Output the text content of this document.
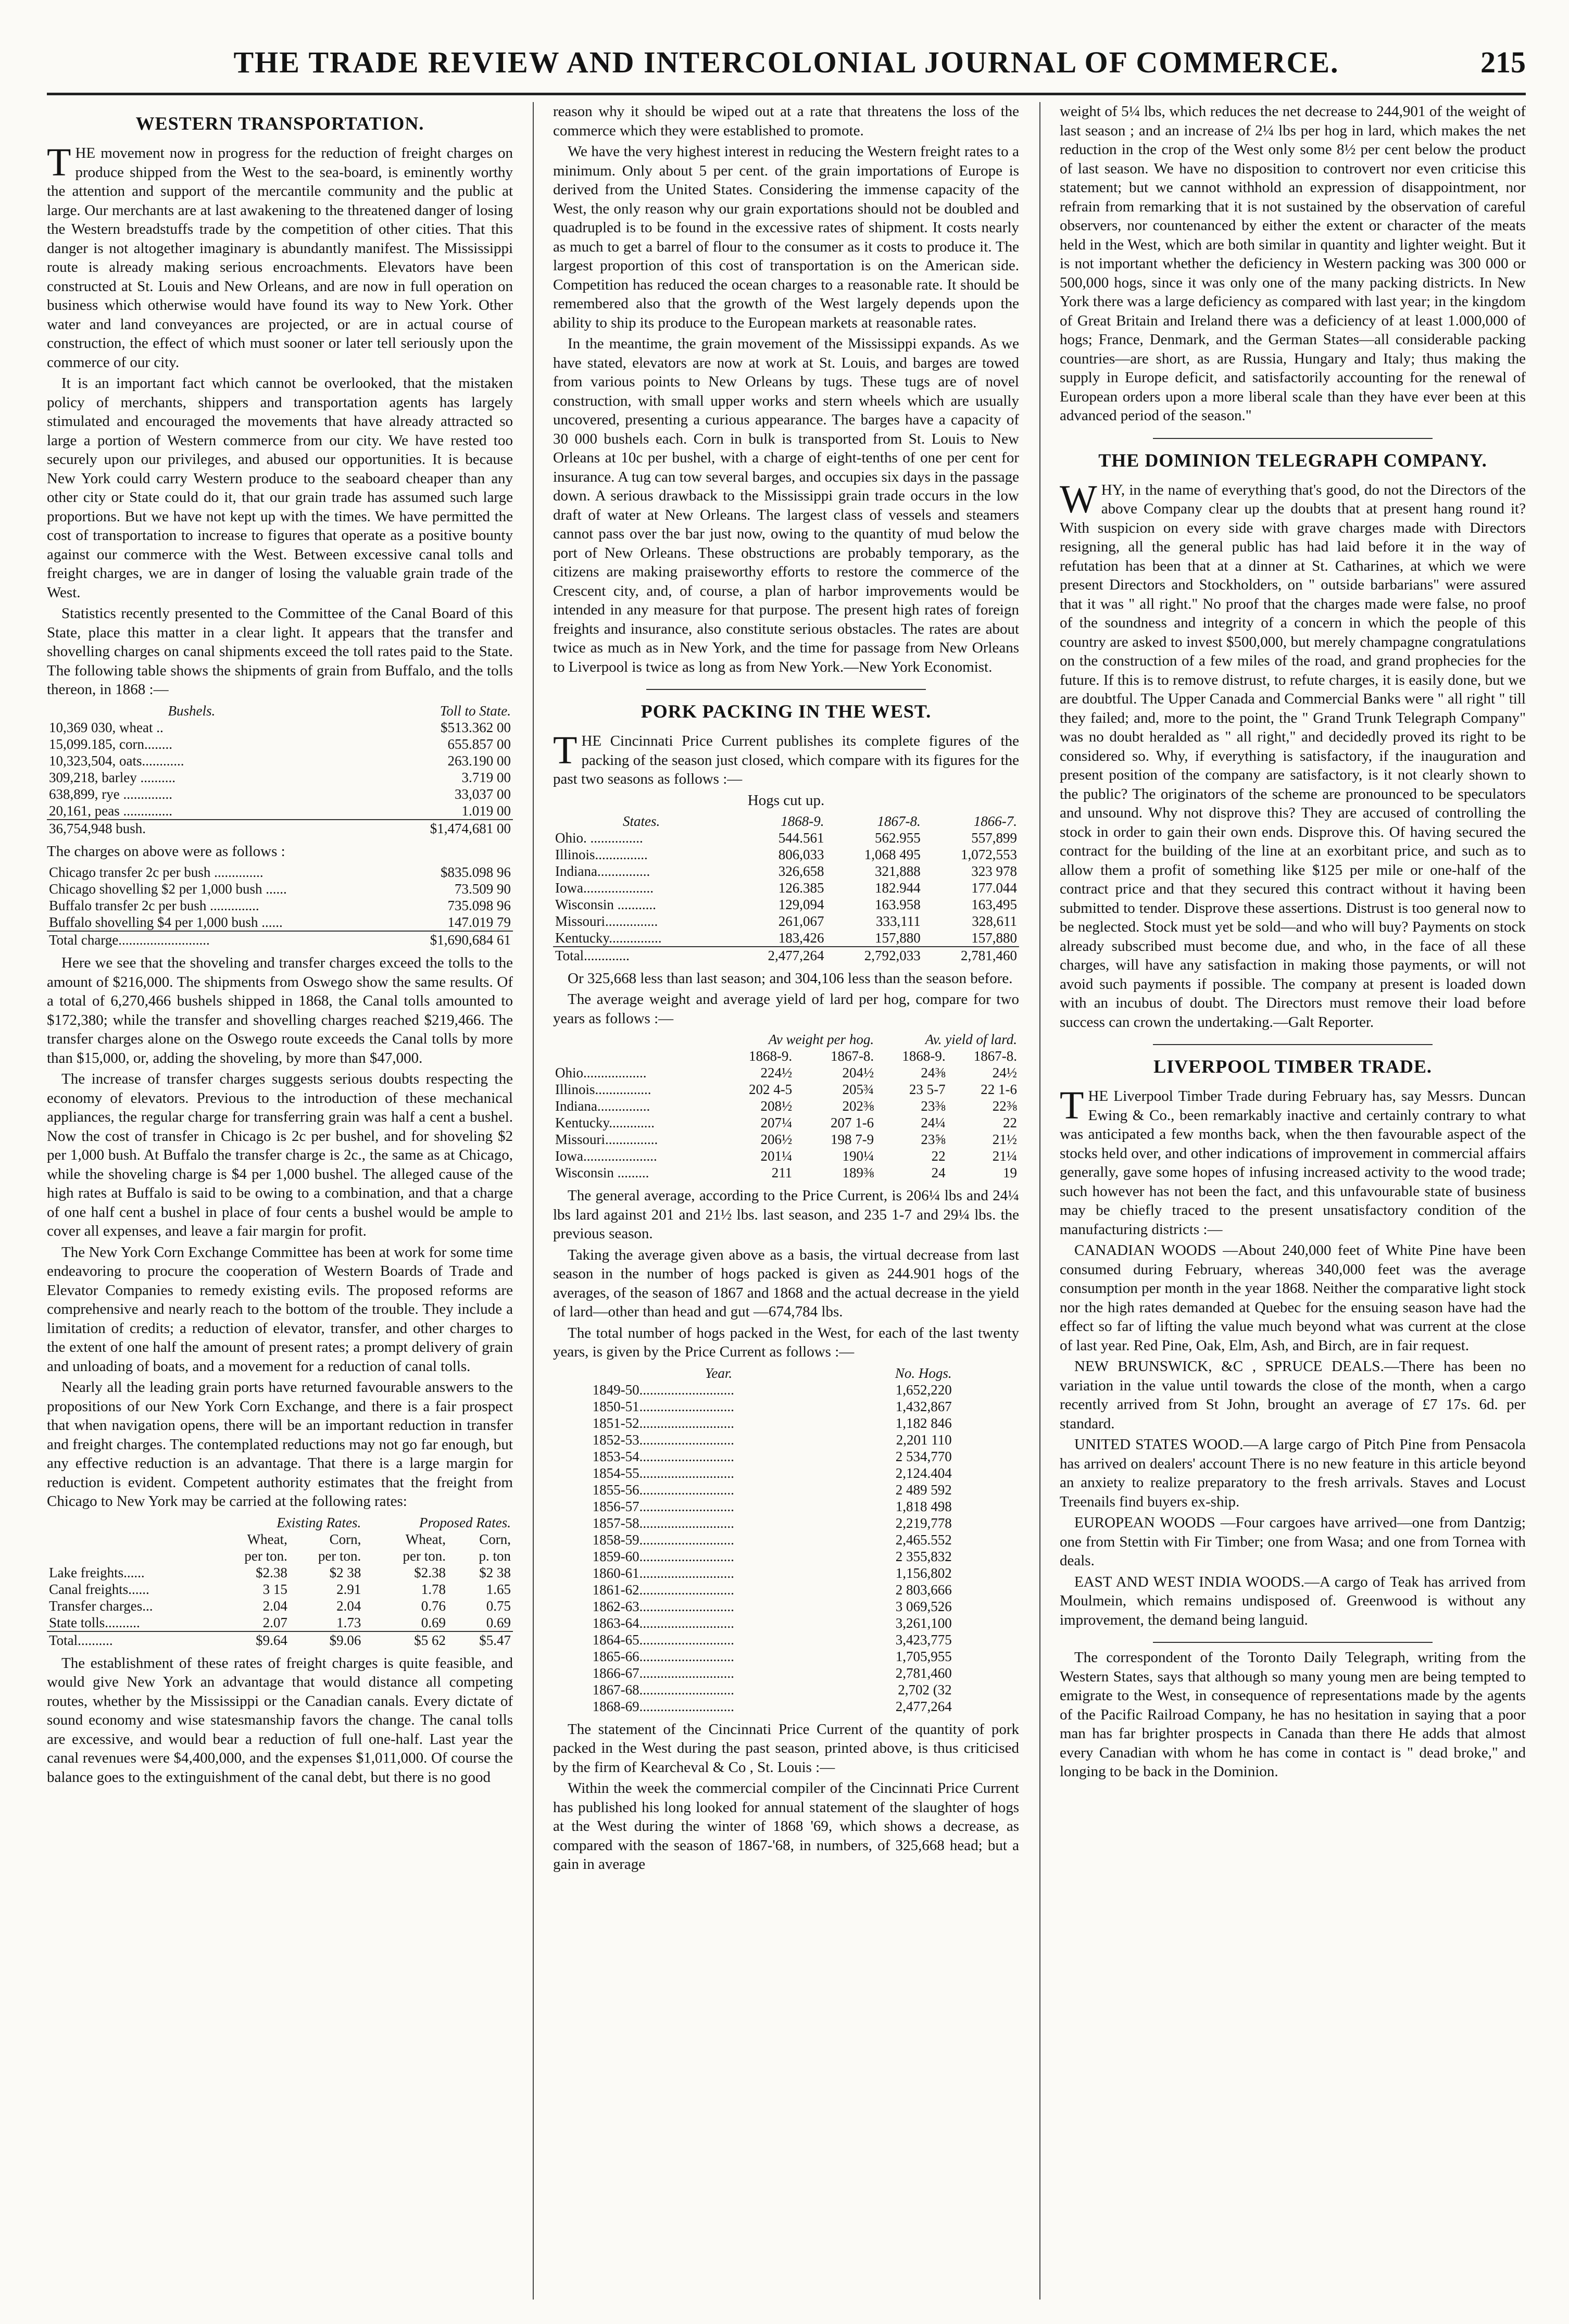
THE TRADE REVIEW AND INTERCOLONIAL JOURNAL OF COMMERCE.	215
WESTERN TRANSPORTATION.

THE movement now in progress for the reduction of freight charges on produce shipped from the West to the sea-board, is eminently worthy the attention and support of the mercantile community and the public at large. Our merchants are at last awakening to the threatened danger of losing the Western breadstuffs trade by the competition of other cities. That this danger is not altogether imaginary is abundantly manifest. The Mississippi route is already making serious encroachments. Elevators have been constructed at St. Louis and New Orleans, and are now in full operation on business which otherwise would have found its way to New York. Other water and land conveyances are projected, or are in actual course of construction, the effect of which must sooner or later tell seriously upon the commerce of our city.

It is an important fact which cannot be overlooked, that the mistaken policy of merchants, shippers and transportation agents has largely stimulated and encouraged the movements that have already attracted so large a portion of Western commerce from our city. We have rested too securely upon our privileges, and abused our opportunities. It is because New York could carry Western produce to the seaboard cheaper than any other city or State could do it, that our grain trade has assumed such large proportions. But we have not kept up with the times. We have permitted the cost of transportation to increase to figures that operate as a positive bounty against our commerce with the West. Between excessive canal tolls and freight charges, we are in danger of losing the valuable grain trade of the West.

Statistics recently presented to the Committee of the Canal Board of this State, place this matter in a clear light. It appears that the transfer and shovelling charges on canal shipments exceed the toll rates paid to the State. The following table shows the shipments of grain from Buffalo, and the tolls thereon, in 1868 :—

Bushels.	Toll to State.
10,369 030, wheat ..	$513.362 00
15,099.185, corn........	655.857 00
10,323,504, oats............	263.190 00
309,218, barley ..........	3.719 00
638,899, rye ..............	33,037 00
20,161, peas ..............	1.019 00
36,754,948 bush.	$1,474,681 00

The charges on above were as follows :

Chicago transfer 2c per bush ..............	$835.098 96
Chicago shovelling $2 per 1,000 bush ......	73.509 90
Buffalo transfer 2c per bush ..............	735.098 96
Buffalo shovelling $4 per 1,000 bush ......	147.019 79
Total charge..........................	$1,690,684 61

Here we see that the shoveling and transfer charges exceed the tolls to the amount of $216,000. The shipments from Oswego show the same results. Of a total of 6,270,466 bushels shipped in 1868, the Canal tolls amounted to $172,380; while the transfer and shovelling charges reached $219,466. The transfer charges alone on the Oswego route exceeds the Canal tolls by more than $15,000, or, adding the shoveling, by more than $47,000.

The increase of transfer charges suggests serious doubts respecting the economy of elevators. Previous to the introduction of these mechanical appliances, the regular charge for transferring grain was half a cent a bushel. Now the cost of transfer in Chicago is 2c per bushel, and for shoveling $2 per 1,000 bush. At Buffalo the transfer charge is 2c., the same as at Chicago, while the shoveling charge is $4 per 1,000 bushel. The alleged cause of the high rates at Buffalo is said to be owing to a combination, and that a charge of one half cent a bushel in place of four cents a bushel would be ample to cover all expenses, and leave a fair margin for profit.

The New York Corn Exchange Committee has been at work for some time endeavoring to procure the cooperation of Western Boards of Trade and Elevator Companies to remedy existing evils. The proposed reforms are comprehensive and nearly reach to the bottom of the trouble. They include a limitation of credits; a reduction of elevator, transfer, and other charges to the extent of one half the amount of present rates; a prompt delivery of grain and unloading of boats, and a movement for a reduction of canal tolls.

Nearly all the leading grain ports have returned favourable answers to the propositions of our New York Corn Exchange, and there is a fair prospect that when navigation opens, there will be an important reduction in transfer and freight charges. The contemplated reductions may not go far enough, but any effective reduction is an advantage. That there is a large margin for reduction is evident. Competent authority estimates that the freight from Chicago to New York may be carried at the following rates:

	Existing Rates.		Proposed Rates.	
	Wheat,	Corn,	Wheat,	Corn,
	per ton.	per ton.	per ton.	p. ton
Lake freights......	$2.38	$2 38	$2.38	$2 38
Canal freights......	3 15	2.91	1.78	1.65
Transfer charges...	2.04	2.04	0.76	0.75
State tolls..........	2.07	1.73	0.69	0.69
Total..........	$9.64	$9.06	$5 62	$5.47

The establishment of these rates of freight charges is quite feasible, and would give New York an advantage that would distance all competing routes, whether by the Mississippi or the Canadian canals. Every dictate of sound economy and wise statesmanship favors the change. The canal tolls are excessive, and would bear a reduction of full one-half. Last year the canal revenues were $4,400,000, and the expenses $1,011,000. Of course the balance goes to the extinguishment of the canal debt, but there is no good

reason why it should be wiped out at a rate that threatens the loss of the commerce which they were established to promote.

We have the very highest interest in reducing the Western freight rates to a minimum. Only about 5 per cent. of the grain importations of Europe is derived from the United States. Considering the immense capacity of the West, the only reason why our grain exportations should not be doubled and quadrupled is to be found in the excessive rates of shipment. It costs nearly as much to get a barrel of flour to the consumer as it costs to produce it. The largest proportion of this cost of transportation is on the American side. Competition has reduced the ocean charges to a reasonable rate. It should be remembered also that the growth of the West largely depends upon the ability to ship its produce to the European markets at reasonable rates.

In the meantime, the grain movement of the Mississippi expands. As we have stated, elevators are now at work at St. Louis, and barges are towed from various points to New Orleans by tugs. These tugs are of novel construction, with small upper works and stern wheels which are usually uncovered, presenting a curious appearance. The barges have a capacity of 30 000 bushels each. Corn in bulk is transported from St. Louis to New Orleans at 10c per bushel, with a charge of eight-tenths of one per cent for insurance. A tug can tow several barges, and occupies six days in the passage down. A serious drawback to the Mississippi grain trade occurs in the low draft of water at New Orleans. The largest class of vessels and steamers cannot pass over the bar just now, owing to the quantity of mud below the port of New Orleans. These obstructions are probably temporary, as the citizens are making praiseworthy efforts to restore the commerce of the Crescent city, and, of course, a plan of harbor improvements would be intended in any measure for that purpose. The present high rates of foreign freights and insurance, also constitute serious obstacles. The rates are about twice as much as in New York, and the time for passage from New Orleans to Liverpool is twice as long as from New York.—New York Economist.

PORK PACKING IN THE WEST.

THE Cincinnati Price Current publishes its complete figures of the packing of the season just closed, which compare with its figures for the past two seasons as follows :—

Hogs cut up.
States.	1868-9.	1867-8.	1866-7.
Ohio. ...............	544.561	562.955	557,899
Illinois...............	806,033	1,068 495	1,072,553
Indiana...............	326,658	321,888	323 978
Iowa....................	126.385	182.944	177.044
Wisconsin ...........	129,094	163.958	163,495
Missouri...............	261,067	333,111	328,611
Kentucky...............	183,426	157,880	157,880
Total.............	2,477,264	2,792,033	2,781,460

Or 325,668 less than last season; and 304,106 less than the season before.

The average weight and average yield of lard per hog, compare for two years as follows :—

	Av weight per hog.		Av. yield of lard.	
	1868-9.	1867-8.	1868-9.	1867-8.
Ohio..................	224½	204½	24⅜	24½
Illinois................	202 4-5	205¾	23 5-7	22 1-6
Indiana...............	208½	202⅜	23⅜	22⅜
Kentucky.............	207¼	207 1-6	24¼	22
Missouri...............	206½	198 7-9	23⅝	21½
Iowa.....................	201¼	190¼	22	21¼
Wisconsin .........	211	189⅜	24	19

The general average, according to the Price Current, is 206¼ lbs and 24¼ lbs lard against 201 and 21½ lbs. last season, and 235 1-7 and 29¼ lbs. the previous season.

Taking the average given above as a basis, the virtual decrease from last season in the number of hogs packed is given as 244.901 hogs of the averages, of the season of 1867 and 1868 and the actual decrease in the yield of lard—other than head and gut —674,784 lbs.

The total number of hogs packed in the West, for each of the last twenty years, is given by the Price Current as follows :—

Year.	No. Hogs.
1849-50...........................	1,652,220
1850-51...........................	1,432,867
1851-52...........................	1,182 846
1852-53...........................	2,201 110
1853-54...........................	2 534,770
1854-55...........................	2,124.404
1855-56...........................	2 489 592
1856-57...........................	1,818 498
1857-58...........................	2,219,778
1858-59...........................	2,465.552
1859-60...........................	2 355,832
1860-61...........................	1,156,802
1861-62...........................	2 803,666
1862-63...........................	3 069,526
1863-64...........................	3,261,100
1864-65...........................	3,423,775
1865-66...........................	1,705,955
1866-67...........................	2,781,460
1867-68...........................	2,702 (32
1868-69...........................	2,477,264

The statement of the Cincinnati Price Current of the quantity of pork packed in the West during the past season, printed above, is thus criticised by the firm of Kearcheval & Co , St. Louis :—

Within the week the commercial compiler of the Cincinnati Price Current has published his long looked for annual statement of the slaughter of hogs at the West during the winter of 1868 '69, which shows a decrease, as compared with the season of 1867-'68, in numbers, of 325,668 head; but a gain in average

weight of 5¼ lbs, which reduces the net decrease to 244,901 of the weight of last season ; and an increase of 2¼ lbs per hog in lard, which makes the net reduction in the crop of the West only some 8½ per cent below the product of last season. We have no disposition to controvert nor even criticise this statement; but we cannot withhold an expression of disappointment, nor refrain from remarking that it is not sustained by the observation of careful observers, nor countenanced by either the extent or character of the meats held in the West, which are both similar in quantity and lighter weight. But it is not important whether the deficiency in Western packing was 300 000 or 500,000 hogs, since it was only one of the many packing districts. In New York there was a large deficiency as compared with last year; in the kingdom of Great Britain and Ireland there was a deficiency of at least 1.000,000 of hogs; France, Denmark, and the German States—all considerable packing countries—are short, as are Russia, Hungary and Italy; thus making the supply in Europe deficit, and satisfactorily accounting for the renewal of European orders upon a more liberal scale than they have ever been at this advanced period of the season."

THE DOMINION TELEGRAPH COMPANY.

WHY, in the name of everything that's good, do not the Directors of the above Company clear up the doubts that at present hang round it? With suspicion on every side with grave charges made with Directors resigning, all the general public has had laid before it in the way of refutation has been that at a dinner at St. Catharines, at which we were present Directors and Stockholders, on " outside barbarians" were assured that it was " all right." No proof that the charges made were false, no proof of the soundness and integrity of a concern in which the people of this country are asked to invest $500,000, but merely champagne congratulations on the construction of a few miles of the road, and grand prophecies for the future. If this is to remove distrust, to refute charges, it is easily done, but we are doubtful. The Upper Canada and Commercial Banks were " all right " till they failed; and, more to the point, the " Grand Trunk Telegraph Company" was no doubt heralded as " all right," and decidedly proved its right to be considered so. Why, if everything is satisfactory, if the inauguration and present position of the company are satisfactory, is it not clearly shown to the public? The originators of the scheme are pronounced to be speculators and unsound. Why not disprove this? They are accused of controlling the stock in order to gain their own ends. Disprove this. Of having secured the contract for the building of the line at an exorbitant price, and such as to allow them a profit of something like $125 per mile or one-half of the contract price and that they secured this contract without it having been submitted to tender. Disprove these assertions. Distrust is too general now to be neglected. Stock must yet be sold—and who will buy? Payments on stock already subscribed must become due, and who, in the face of all these charges, will have any satisfaction in making those payments, or will not avoid such payments if possible. The company at present is loaded down with an incubus of doubt. The Directors must remove their load before success can crown the undertaking.—Galt Reporter.

LIVERPOOL TIMBER TRADE.

THE Liverpool Timber Trade during February has, say Messrs. Duncan Ewing & Co., been remarkably inactive and certainly contrary to what was anticipated a few months back, when the then favourable aspect of the stocks held over, and other indications of improvement in commercial affairs generally, gave some hopes of infusing increased activity to the wood trade; such however has not been the fact, and this unfavourable state of business may be chiefly traced to the present unsatisfactory condition of the manufacturing districts :—

CANADIAN WOODS —About 240,000 feet of White Pine have been consumed during February, whereas 340,000 feet was the average consumption per month in the year 1868. Neither the comparative light stock nor the high rates demanded at Quebec for the ensuing season have had the effect so far of lifting the value much beyond what was current at the close of last year. Red Pine, Oak, Elm, Ash, and Birch, are in fair request.

NEW BRUNSWICK, &C , SPRUCE DEALS.—There has been no variation in the value until towards the close of the month, when a cargo recently arrived from St John, brought an average of £7 17s. 6d. per standard.

UNITED STATES WOOD.—A large cargo of Pitch Pine from Pensacola has arrived on dealers' account There is no new feature in this article beyond an anxiety to realize preparatory to the fresh arrivals. Staves and Locust Treenails find buyers ex-ship.

EUROPEAN WOODS —Four cargoes have arrived—one from Dantzig; one from Stettin with Fir Timber; one from Wasa; and one from Tornea with deals.

EAST AND WEST INDIA WOODS.—A cargo of Teak has arrived from Moulmein, which remains undisposed of. Greenwood is without any improvement, the demand being languid.

The correspondent of the Toronto Daily Telegraph, writing from the Western States, says that although so many young men are being tempted to emigrate to the West, in consequence of representations made by the agents of the Pacific Railroad Company, he has no hesitation in saying that a poor man has far brighter prospects in Canada than there He adds that almost every Canadian with whom he has come in contact is " dead broke," and longing to be back in the Dominion.
